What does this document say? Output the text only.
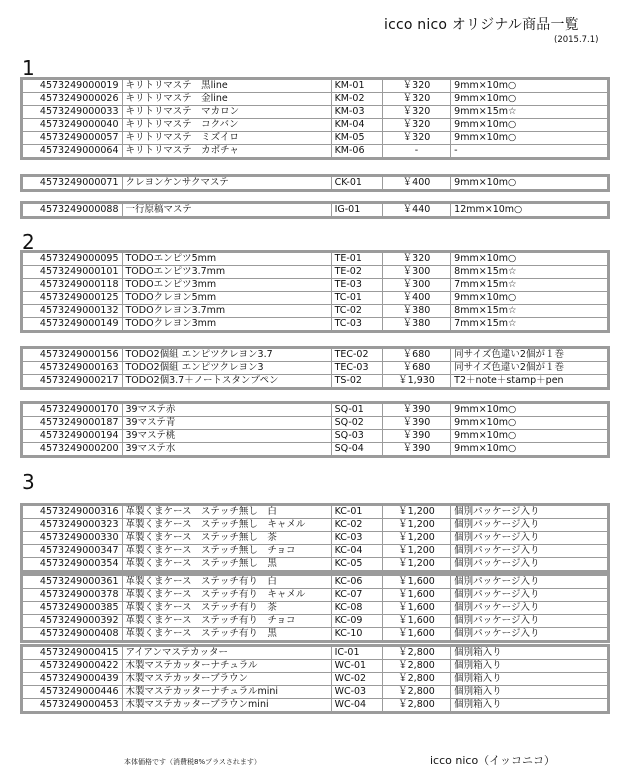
icco nico オリジナル商品一覧
(2015.7.1)
1
2
3
4573249000019	キリトリマステ　黒line	KM-01	￥320	9mm×10m○
4573249000026	キリトリマステ　金line	KM-02	￥320	9mm×10m○
4573249000033	キリトリマステ　マカロン	KM-03	￥320	9mm×15m☆
4573249000040	キリトリマステ　コクバン	KM-04	￥320	9mm×10m○
4573249000057	キリトリマステ　ミズイロ	KM-05	￥320	9mm×10m○
4573249000064	キリトリマステ　カボチャ	KM-06	-	-
4573249000071	クレヨンケンサクマステ	CK-01	￥400	9mm×10m○
4573249000088	一行原稿マステ	IG-01	￥440	12mm×10m○
4573249000095	TODOエンピツ5mm	TE-01	￥320	9mm×10m○
4573249000101	TODOエンピツ3.7mm	TE-02	￥300	8mm×15m☆
4573249000118	TODOエンピツ3mm	TE-03	￥300	7mm×15m☆
4573249000125	TODOクレヨン5mm	TC-01	￥400	9mm×10m○
4573249000132	TODOクレヨン3.7mm	TC-02	￥380	8mm×15m☆
4573249000149	TODOクレヨン3mm	TC-03	￥380	7mm×15m☆
4573249000156	TODO2個組 エンピツクレヨン3.7	TEC-02	￥680	同サイズ色違い2個が１巻
4573249000163	TODO2個組 エンピツクレヨン3	TEC-03	￥680	同サイズ色違い2個が１巻
4573249000217	TODO2個3.7＋ノートスタンプペン	TS-02	￥1,930	T2＋note＋stamp＋pen
4573249000170	39マステ赤	SQ-01	￥390	9mm×10m○
4573249000187	39マステ青	SQ-02	￥390	9mm×10m○
4573249000194	39マステ桃	SQ-03	￥390	9mm×10m○
4573249000200	39マステ水	SQ-04	￥390	9mm×10m○
4573249000316	革製くまケース　ステッチ無し　白	KC-01	￥1,200	個別パッケージ入り
4573249000323	革製くまケース　ステッチ無し　キャメル	KC-02	￥1,200	個別パッケージ入り
4573249000330	革製くまケース　ステッチ無し　茶	KC-03	￥1,200	個別パッケージ入り
4573249000347	革製くまケース　ステッチ無し　チョコ	KC-04	￥1,200	個別パッケージ入り
4573249000354	革製くまケース　ステッチ無し　黒	KC-05	￥1,200	個別パッケージ入り
4573249000361	革製くまケース　ステッチ有り　白	KC-06	￥1,600	個別パッケージ入り
4573249000378	革製くまケース　ステッチ有り　キャメル	KC-07	￥1,600	個別パッケージ入り
4573249000385	革製くまケース　ステッチ有り　茶	KC-08	￥1,600	個別パッケージ入り
4573249000392	革製くまケース　ステッチ有り　チョコ	KC-09	￥1,600	個別パッケージ入り
4573249000408	革製くまケース　ステッチ有り　黒	KC-10	￥1,600	個別パッケージ入り
4573249000415	アイアンマステカッター	IC-01	￥2,800	個別箱入り
4573249000422	木製マステカッターナチュラル	WC-01	￥2,800	個別箱入り
4573249000439	木製マステカッターブラウン	WC-02	￥2,800	個別箱入り
4573249000446	木製マステカッターナチュラルmini	WC-03	￥2,800	個別箱入り
4573249000453	木製マステカッターブラウンmini	WC-04	￥2,800	個別箱入り
本体価格です（消費税8%プラスされます）	icco nico（イッコニコ）
